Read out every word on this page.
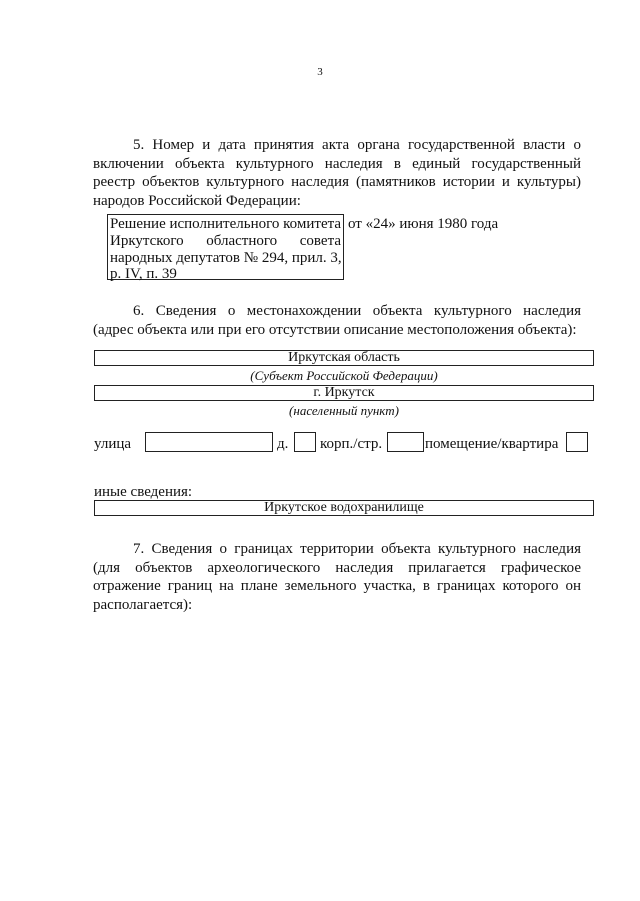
3
5. Номер и дата принятия акта органа государственной власти о
включении объекта культурного наследия в единый государственный
реестр объектов культурного наследия (памятников истории и культуры)
народов Российской Федерации:
Решение исполнительного комитета
Иркутского областного совета
народных депутатов № 294, прил. 3,
р. IV, п. 39
от «24» июня 1980 года
6. Сведения о местонахождении объекта культурного наследия
(адрес объекта или при его отсутствии описание местоположения объекта):
Иркутская область
(Субъект Российской Федерации)
г. Иркутск
(населенный пункт)
улица	д. корп./стр.	помещение/квартира
иные сведения:
Иркутское водохранилище
7. Сведения о границах территории объекта культурного наследия
(для объектов археологического наследия прилагается графическое
отражение границ на плане земельного участка, в границах которого он
располагается):
